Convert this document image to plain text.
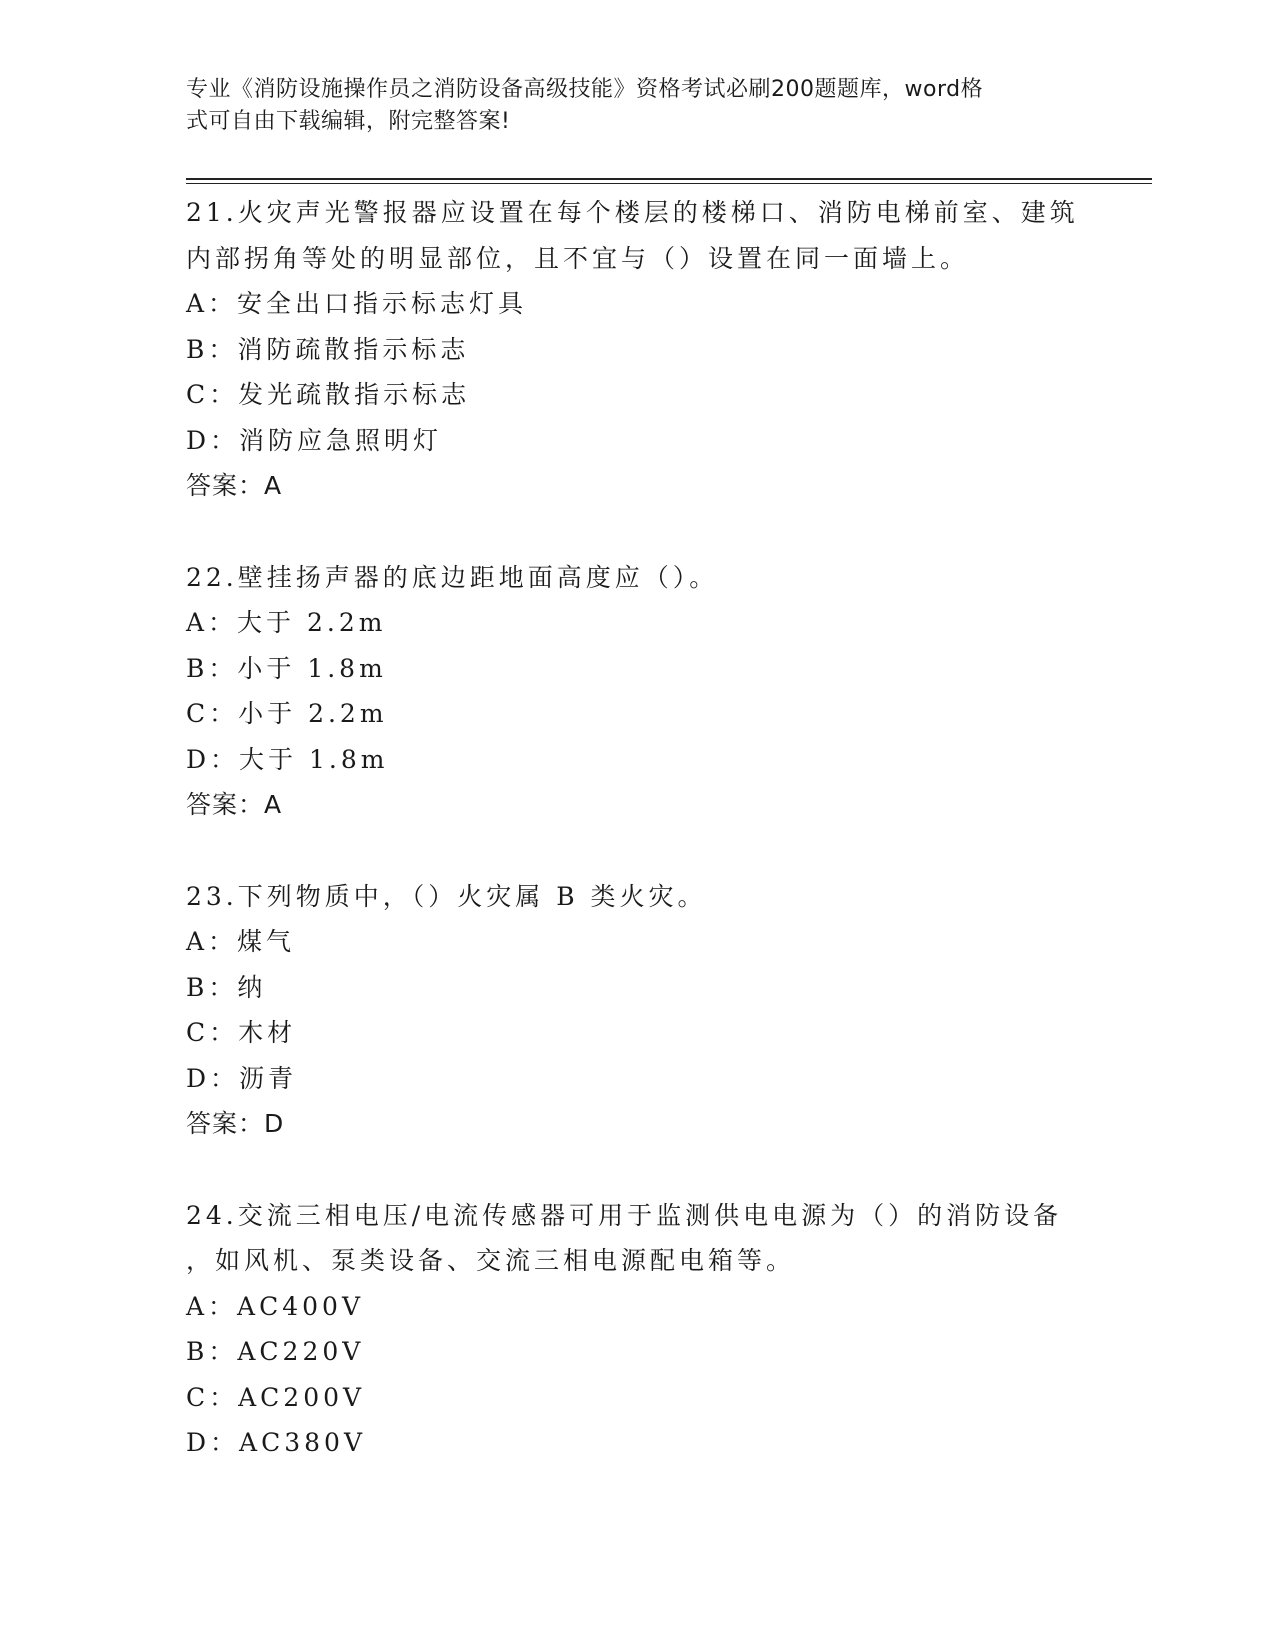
专业《消防设施操作员之消防设备高级技能》资格考试必刷200题题库，word格
式可自由下载编辑，附完整答案!
21.火灾声光警报器应设置在每个楼层的楼梯口、消防电梯前室、建筑
内部拐角等处的明显部位，且不宜与（）设置在同一面墙上。
A：安全出口指示标志灯具
B：消防疏散指示标志
C：发光疏散指示标志
D：消防应急照明灯
答案：A
22.壁挂扬声器的底边距地面高度应（）。
A：大于 2.2m
B：小于 1.8m
C：小于 2.2m
D：大于 1.8m
答案：A
23.下列物质中，（）火灾属 B 类火灾。
A：煤气
B：纳
C：木材
D：沥青
答案：D
24.交流三相电压/电流传感器可用于监测供电电源为（）的消防设备
，如风机、泵类设备、交流三相电源配电箱等。
A：AC400V
B：AC220V
C：AC200V
D：AC380V
